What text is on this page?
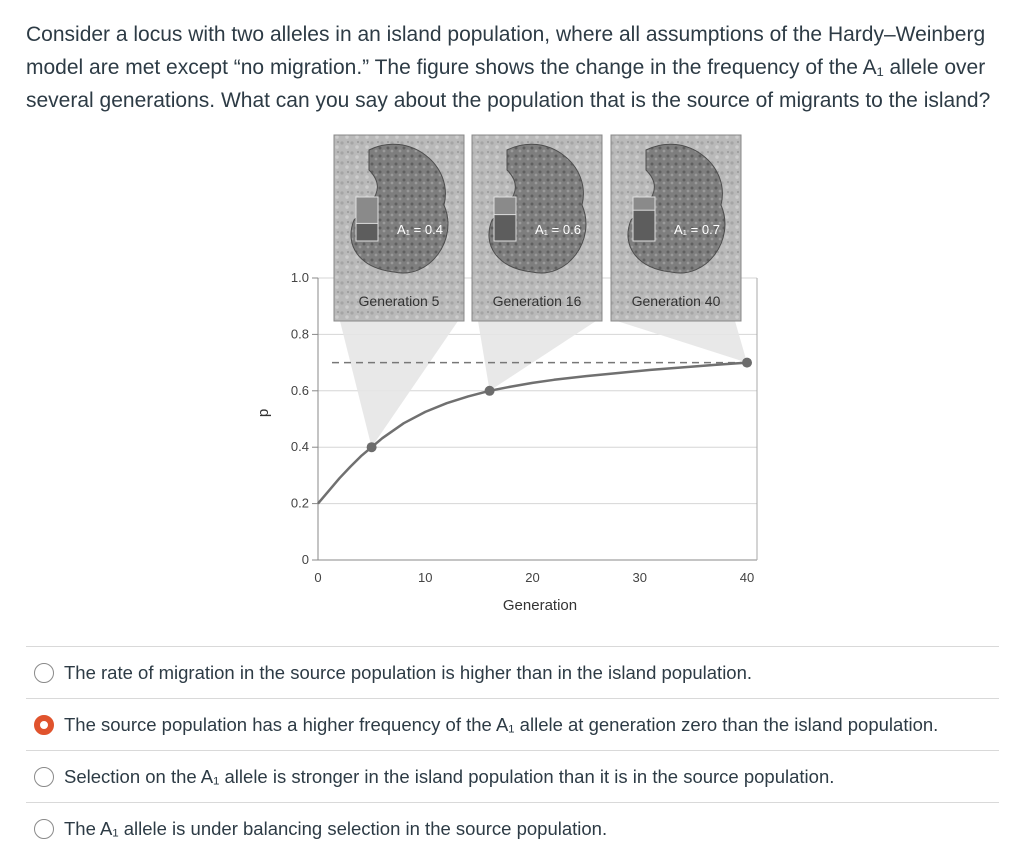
Consider a locus with two alleles in an island population, where all assumptions of the Hardy–Weinberg model are met except “no migration.” The figure shows the change in the frequency of the A₁ allele over several generations. What can you say about the population that is the source of migrants to the island?

A₁ = 0.4
Generation 5
A₁ = 0.6
Generation 16
A₁ = 0.7
Generation 40
0
0.2
0.4
0.6
0.8
1.0
0	10	20	30	40
Generation
p
The rate of migration in the source population is higher than in the island population.
The source population has a higher frequency of the A₁ allele at generation zero than the island population.
Selection on the A₁ allele is stronger in the island population than it is in the source population.
The A₁ allele is under balancing selection in the source population.
